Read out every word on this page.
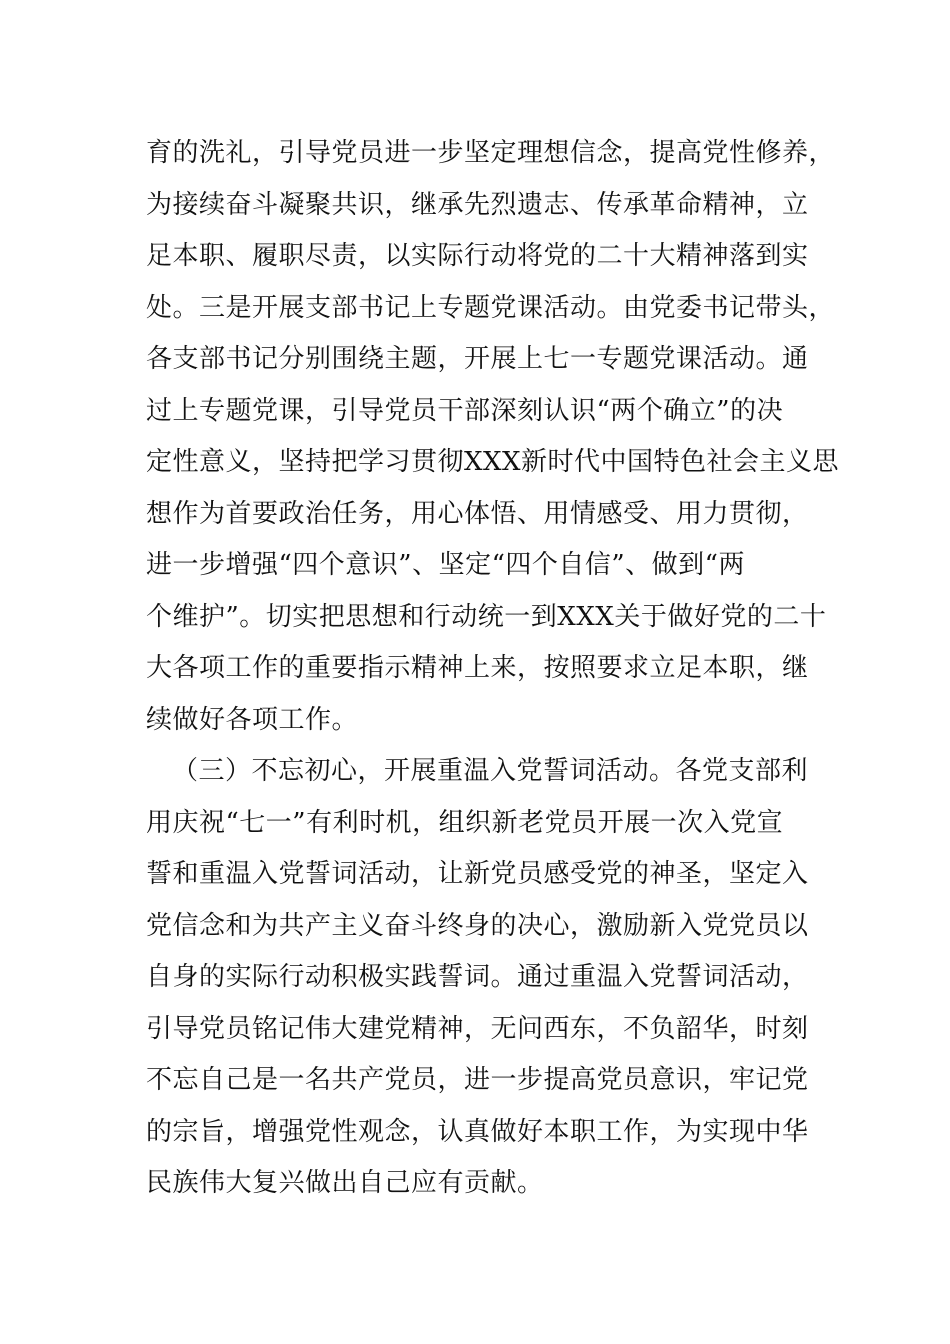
育的洗礼，引导党员进一步坚定理想信念，提高党性修养，
为接续奋斗凝聚共识，继承先烈遗志、传承革命精神，立
足本职、履职尽责，以实际行动将党的二十大精神落到实
处。三是开展支部书记上专题党课活动。由党委书记带头，
各支部书记分别围绕主题，开展上七一专题党课活动。通
过上专题党课，引导党员干部深刻认识“两个确立”的决
定性意义，坚持把学习贯彻XXX新时代中国特色社会主义思
想作为首要政治任务，用心体悟、用情感受、用力贯彻，
进一步增强“四个意识”、坚定“四个自信”、做到“两
个维护”。切实把思想和行动统一到XXX关于做好党的二十
大各项工作的重要指示精神上来，按照要求立足本职，继
续做好各项工作。
（三）不忘初心，开展重温入党誓词活动。各党支部利
用庆祝“七一”有利时机，组织新老党员开展一次入党宣
誓和重温入党誓词活动，让新党员感受党的神圣，坚定入
党信念和为共产主义奋斗终身的决心，激励新入党党员以
自身的实际行动积极实践誓词。通过重温入党誓词活动，
引导党员铭记伟大建党精神，无问西东，不负韶华，时刻
不忘自己是一名共产党员，进一步提高党员意识，牢记党
的宗旨，增强党性观念，认真做好本职工作，为实现中华
民族伟大复兴做出自己应有贡献。
